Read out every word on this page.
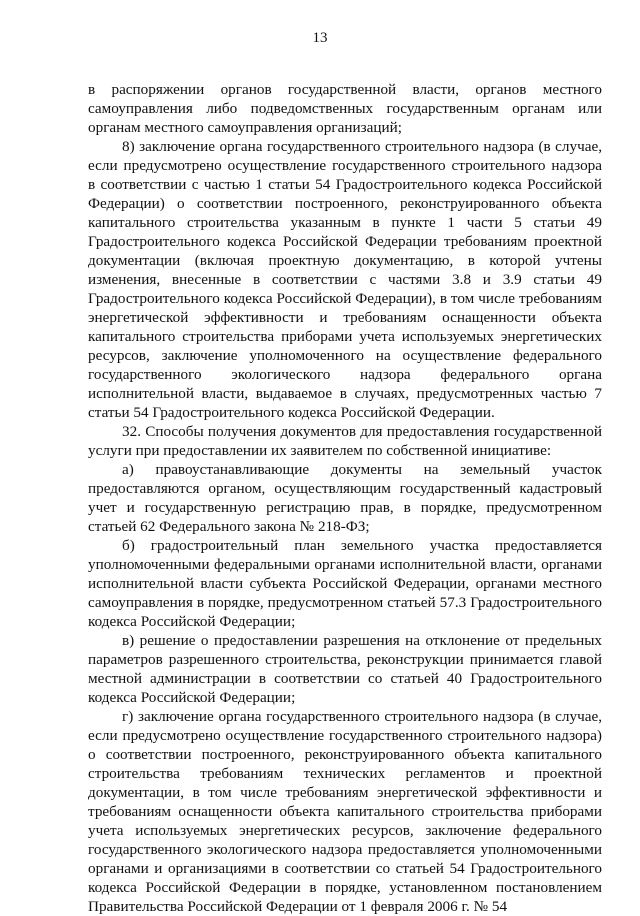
13

в распоряжении органов государственной власти, органов местного самоуправления либо подведомственных государственным органам или органам местного самоуправления организаций;

8) заключение органа государственного строительного надзора (в случае, если предусмотрено осуществление государственного строительного надзора в соответствии с частью 1 статьи 54 Градостроительного кодекса Российской Федерации) о соответствии построенного, реконструированного объекта капитального строительства указанным в пункте 1 части 5 статьи 49 Градостроительного кодекса Российской Федерации требованиям проектной документации (включая проектную документацию, в которой учтены изменения, внесенные в соответствии с частями 3.8 и 3.9 статьи 49 Градостроительного кодекса Российской Федерации), в том числе требованиям энергетической эффективности и требованиям оснащенности объекта капитального строительства приборами учета используемых энергетических ресурсов, заключение уполномоченного на осуществление федерального государственного экологического надзора федерального органа исполнительной власти, выдаваемое в случаях, предусмотренных частью 7 статьи 54 Градостроительного кодекса Российской Федерации.

32. Способы получения документов для предоставления государственной услуги при предоставлении их заявителем по собственной инициативе:

а) правоустанавливающие документы на земельный участок предоставляются органом, осуществляющим государственный кадастровый учет и государственную регистрацию прав, в порядке, предусмотренном статьей 62 Федерального закона № 218-ФЗ;

б) градостроительный план земельного участка предоставляется уполномоченными федеральными органами исполнительной власти, органами исполнительной власти субъекта Российской Федерации, органами местного самоуправления в порядке, предусмотренном статьей 57.3 Градостроительного кодекса Российской Федерации;

в) решение о предоставлении разрешения на отклонение от предельных параметров разрешенного строительства, реконструкции принимается главой местной администрации в соответствии со статьей 40 Градостроительного кодекса Российской Федерации;

г) заключение органа государственного строительного надзора (в случае, если предусмотрено осуществление государственного строительного надзора) о соответствии построенного, реконструированного объекта капитального строительства требованиям технических регламентов и проектной документации, в том числе требованиям энергетической эффективности и требованиям оснащенности объекта капитального строительства приборами учета используемых энергетических ресурсов, заключение федерального государственного экологического надзора предоставляется уполномоченными органами и организациями в соответствии со статьей 54 Градостроительного кодекса Российской Федерации в порядке, установленном постановлением Правительства Российской Федерации от 1 февраля 2006 г. № 54
